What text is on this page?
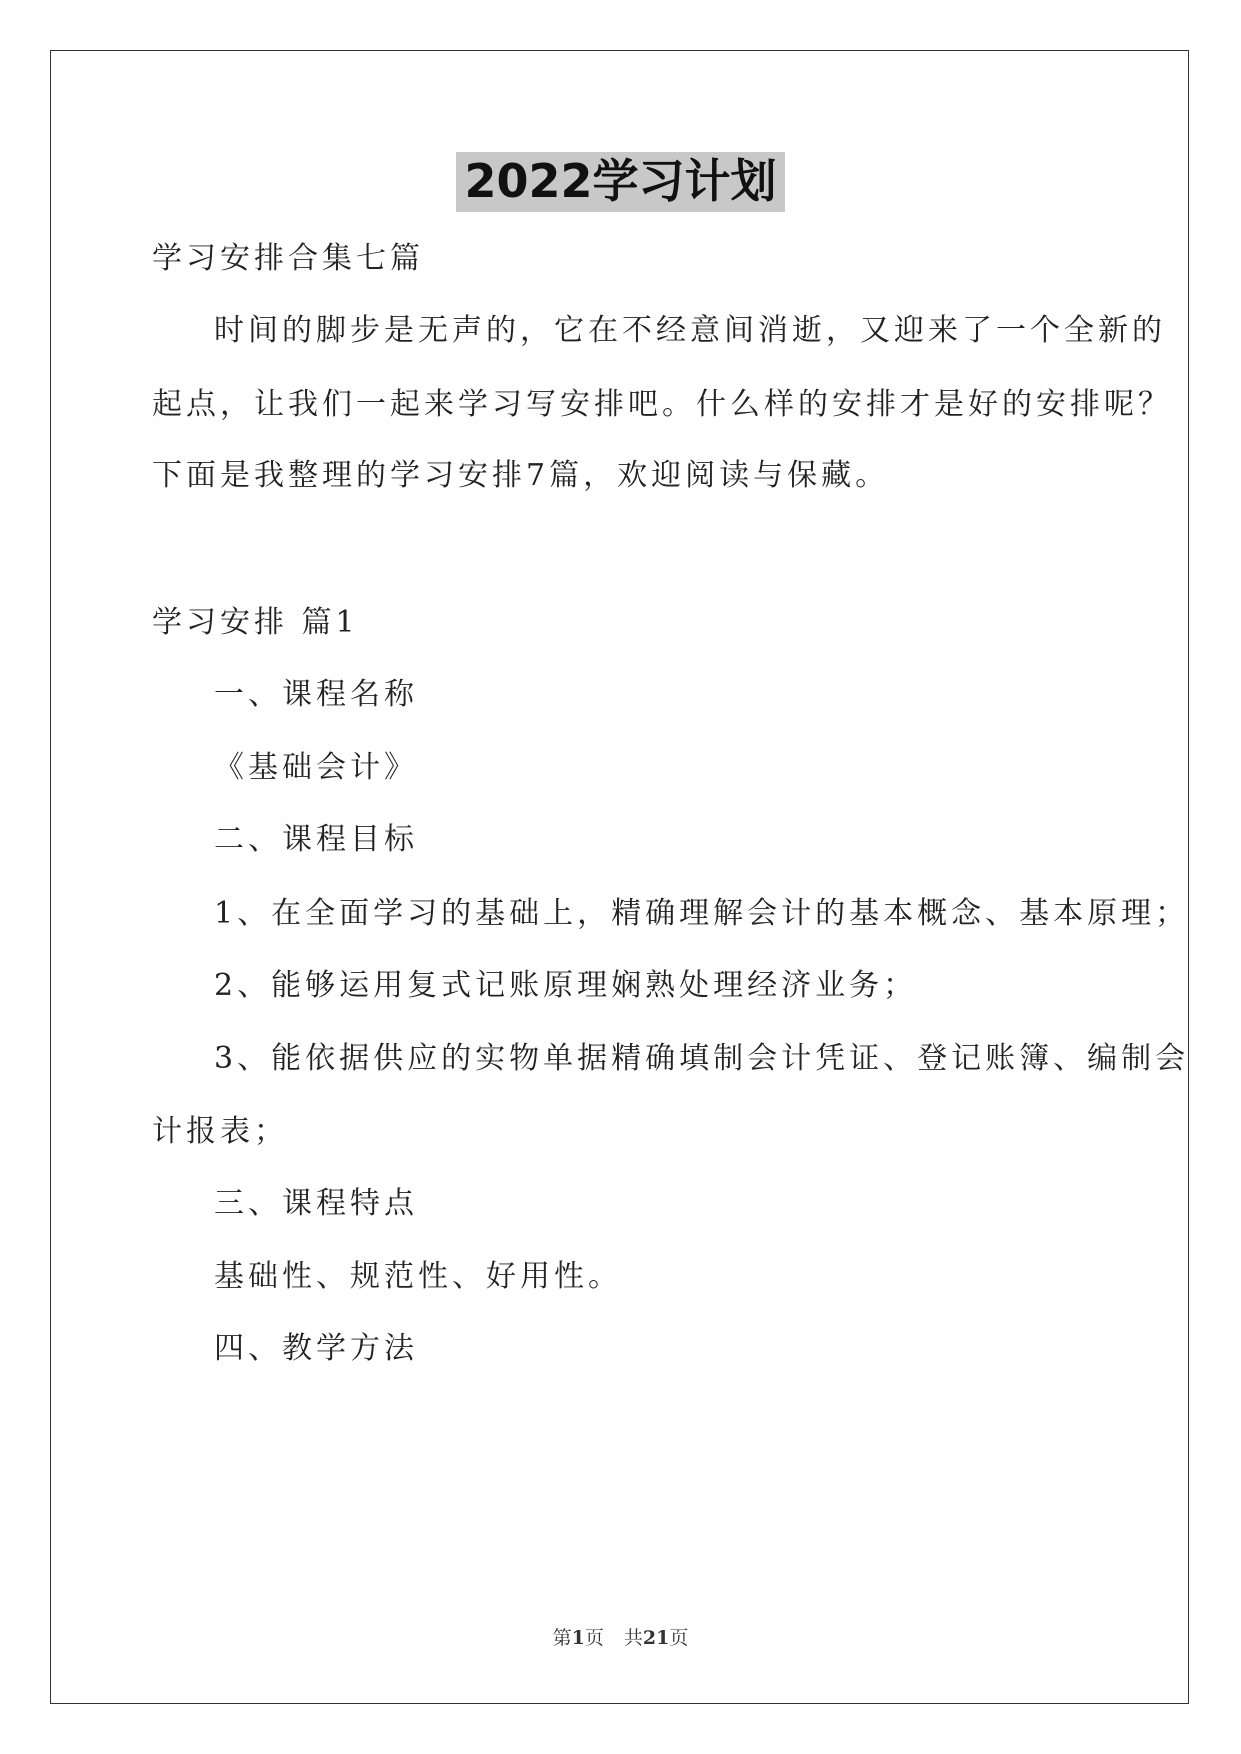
2022学习计划
学习安排合集七篇
时间的脚步是无声的，它在不经意间消逝，又迎来了一个全新的
起点，让我们一起来学习写安排吧。什么样的安排才是好的安排呢？
下面是我整理的学习安排7篇，欢迎阅读与保藏。
学习安排 篇1
一、课程名称
《基础会计》
二、课程目标
1、在全面学习的基础上，精确理解会计的基本概念、基本原理；
2、能够运用复式记账原理娴熟处理经济业务；
3、能依据供应的实物单据精确填制会计凭证、登记账簿、编制会
计报表；
三、课程特点
基础性、规范性、好用性。
四、教学方法
第1页 共21页
